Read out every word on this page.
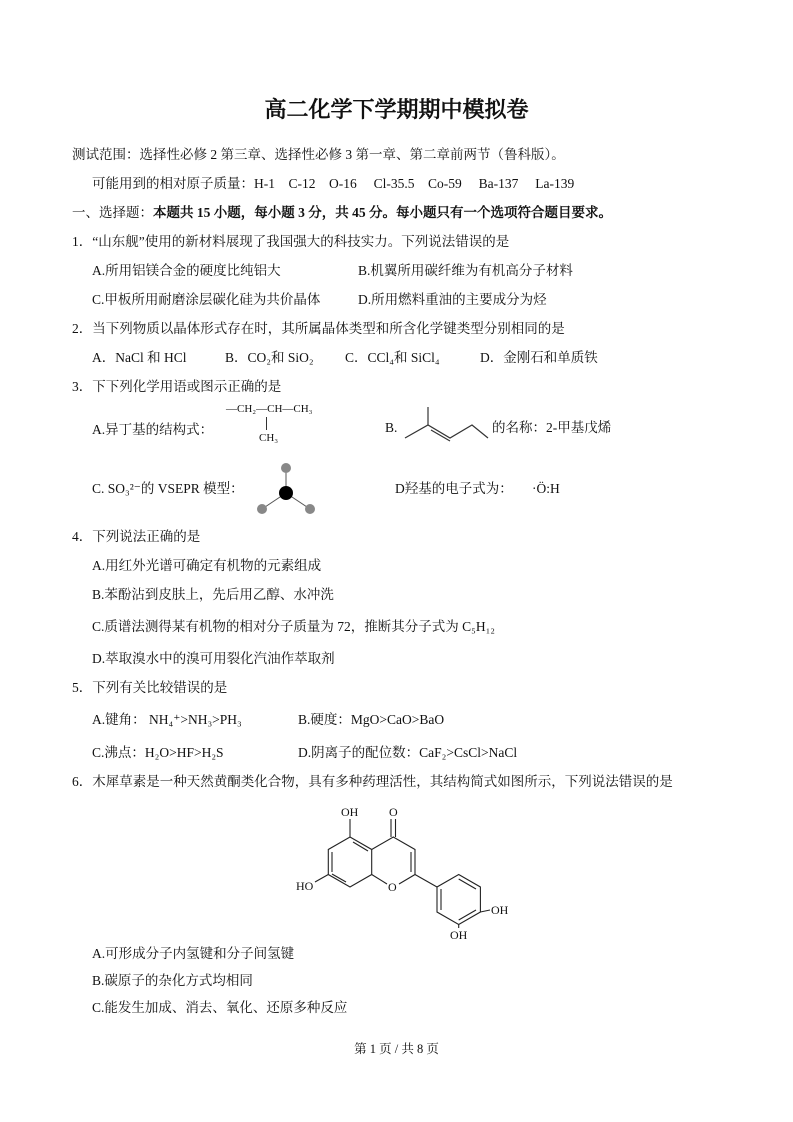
高二化学下学期期中模拟卷
测试范围：选择性必修 2 第三章、选择性必修 3 第一章、第二章前两节（鲁科版）。
可能用到的相对原子质量：H-1　C-12　O-16　 Cl-35.5　Co-59　 Ba-137　 La-139
一、选择题：本题共 15 小题，每小题 3 分，共 45 分。每小题只有一个选项符合题目要求。
1．“山东舰”使用的新材料展现了我国强大的科技实力。下列说法错误的是
A.所用铝镁合金的硬度比纯铝大	B.机翼所用碳纤维为有机高分子材料
C.甲板所用耐磨涂层碳化硅为共价晶体	D.所用燃料重油的主要成分为烃
2．当下列物质以晶体形式存在时，其所属晶体类型和所含化学键类型分别相同的是
A．NaCl 和 HCl	B．CO₂和 SiO₂ C．CCl₄和 SiCl₄	D．金刚石和单质铁
3．下下列化学用语或图示正确的是
A.异丁基的结构式：
—CH₂—CH—CH₃
CH₃
B.	的名称：2-甲基戊烯
C. SO₃²⁻的 VSEPR 模型：	D羟基的电子式为： ·Ö:H
4．下列说法正确的是
A.用红外光谱可确定有机物的元素组成
B.苯酚沾到皮肤上，先后用乙醇、水冲洗
C.质谱法测得某有机物的相对分子质量为 72，推断其分子式为 C₅H₁₂
D.萃取溴水中的溴可用裂化汽油作萃取剂
5．下列有关比较错误的是
A.键角： NH₄⁺>NH₃>PH₃	B.硬度：MgO>CaO>BaO
C.沸点：H₂O>HF>H₂S	D.阴离子的配位数：CaF₂>CsCl>NaCl
6．木犀草素是一种天然黄酮类化合物，具有多种药理活性，其结构简式如图所示，下列说法错误的是
OH	O
HO	O
OH
OH
A.可形成分子内氢键和分子间氢键
B.碳原子的杂化方式均相同
C.能发生加成、消去、氧化、还原多种反应
第 1 页 / 共 8 页
